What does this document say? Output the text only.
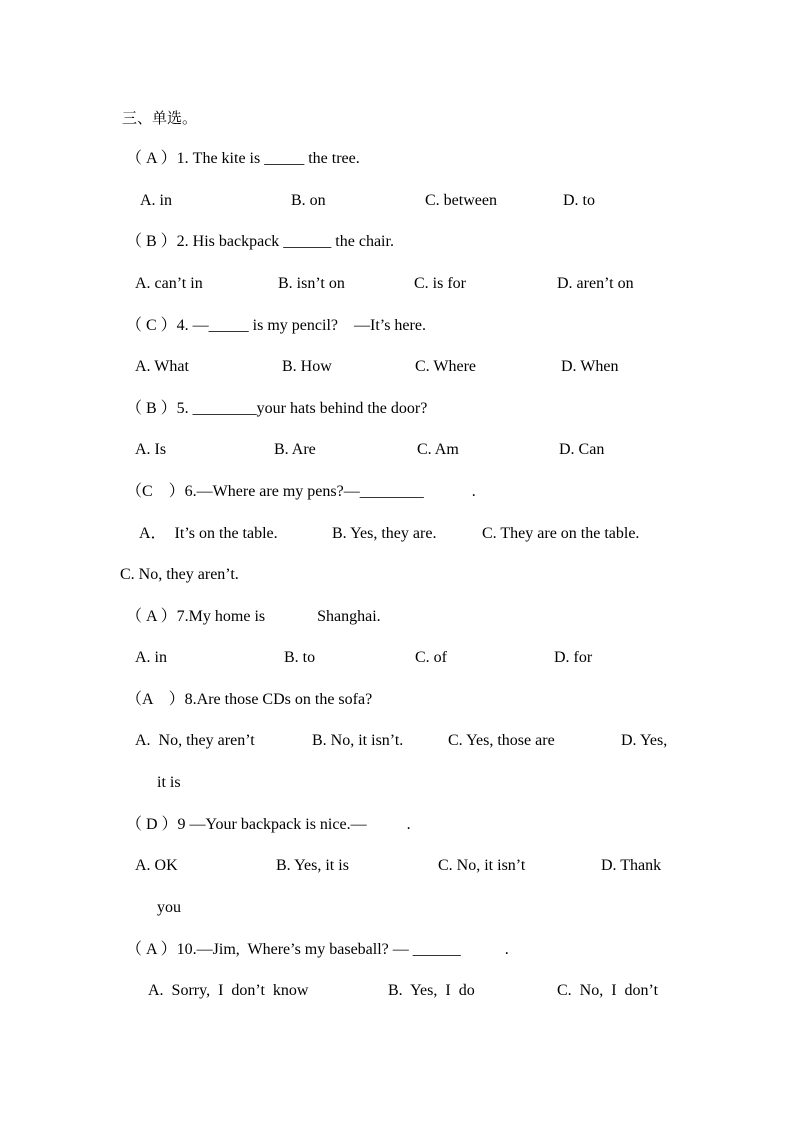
三、单选。
（ A ）1. The kite is _____ the tree.
A. in	B. on	C. between	D. to
（ B ）2. His backpack ______ the chair.
A. can’t in	B. isn’t on	C. is for	D. aren’t on
（ C ）4. —_____ is my pencil?    —It’s here.
A. What	B. How	C. Where	D. When
（ B ）5. ________your hats behind the door?
A. Is	B. Are	C. Am	D. Can
（C    ）6.—Where are my pens?—________            .
A．  It’s on the table.	B. Yes, they are.	C. They are on the table.
C. No, they aren’t.
（ A ）7.My home is             Shanghai.
A. in	B. to	C. of	D. for
（A    ）8.Are those CDs on the sofa?
A.  No, they aren’t	B. No, it isn’t.	C. Yes, those are	D. Yes,
it is
（ D ）9 —Your backpack is nice.—          .
A. OK	B. Yes, it is	C. No, it isn’t	D. Thank
you
（ A ）10.—Jim,  Where’s my baseball? — ______           .
A.  Sorry,  I  don’t  know	B.  Yes,  I  do	C.  No,  I  don’t
